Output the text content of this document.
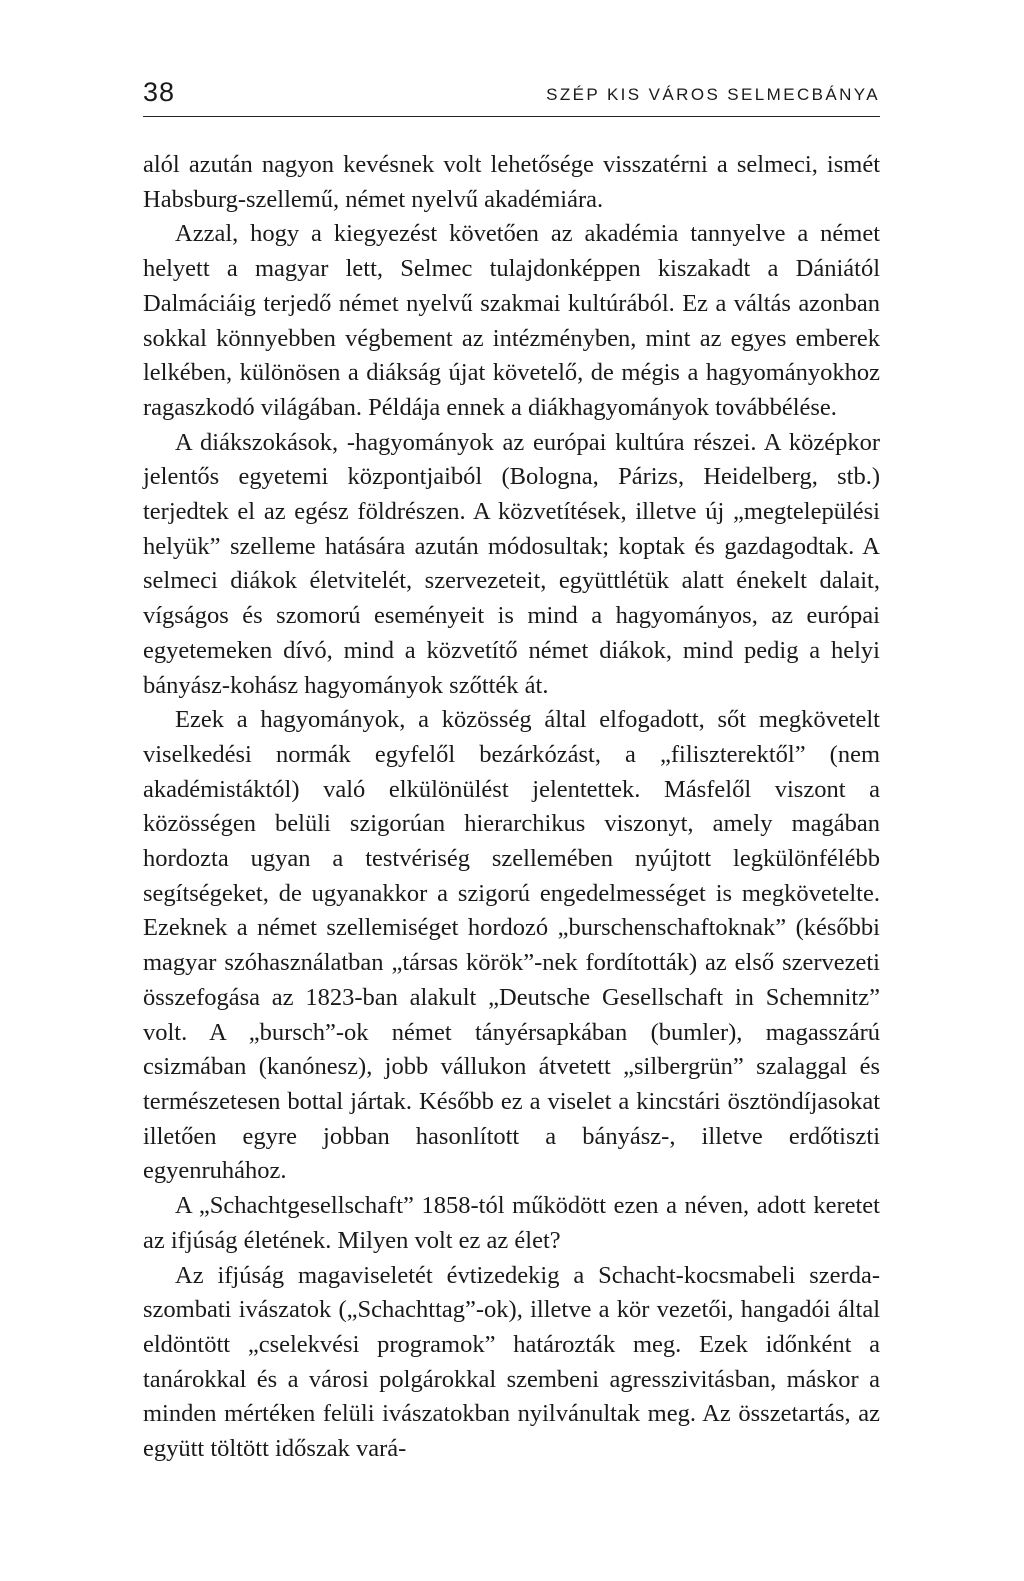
38	SZÉP KIS VÁROS SELMECBÁNYA

alól azután nagyon kevésnek volt lehetősége visszatérni a selmeci, ismét Habsburg-szellemű, német nyelvű akadémiára.

Azzal, hogy a kiegyezést követően az akadémia tannyelve a német helyett a magyar lett, Selmec tulajdonképpen kiszakadt a Dániától Dalmáciáig terjedő német nyelvű szakmai kultúrából. Ez a váltás azonban sokkal könnyebben végbement az intézményben, mint az egyes emberek lelkében, különösen a diákság újat követelő, de mégis a hagyományokhoz ragaszkodó világában. Példája ennek a diákhagyományok továbbélése.

A diákszokások, -hagyományok az európai kultúra részei. A középkor jelentős egyetemi központjaiból (Bologna, Párizs, Heidelberg, stb.) terjedtek el az egész földrészen. A közvetítések, illetve új „megtelepülési helyük” szelleme hatására azután módosultak; koptak és gazdagodtak. A selmeci diákok életvitelét, szervezeteit, együttlétük alatt énekelt dalait, vígságos és szomorú eseményeit is mind a hagyományos, az európai egyetemeken dívó, mind a közvetítő német diákok, mind pedig a helyi bányász-kohász hagyományok szőtték át.

Ezek a hagyományok, a közösség által elfogadott, sőt megkövetelt viselkedési normák egyfelől bezárkózást, a „filiszterektől” (nem akadémistáktól) való elkülönülést jelentettek. Másfelől viszont a közösségen belüli szigorúan hierarchikus viszonyt, amely magában hordozta ugyan a testvériség szellemében nyújtott legkülönfélébb segítségeket, de ugyanakkor a szigorú engedelmességet is megkövetelte. Ezeknek a német szellemiséget hordozó „burschenschaftoknak” (későbbi magyar szóhasználatban „társas körök”-nek fordították) az első szervezeti összefogása az 1823-ban alakult „Deutsche Gesellschaft in Schemnitz” volt. A „bursch”-ok német tányérsapkában (bumler), magasszárú csizmában (kanónesz), jobb vállukon átvetett „silbergrün” szalaggal és természetesen bottal jártak. Később ez a viselet a kincstári ösztöndíjasokat illetően egyre jobban hasonlított a bányász-, illetve erdőtiszti egyenruhához.

A „Schachtgesellschaft” 1858-tól működött ezen a néven, adott keretet az ifjúság életének. Milyen volt ez az élet?

Az ifjúság magaviseletét évtizedekig a Schacht-kocsmabeli szerda-szombati ivászatok („Schachttag”-ok), illetve a kör vezetői, hangadói által eldöntött „cselekvési programok” határozták meg. Ezek időnként a tanárokkal és a városi polgárokkal szembeni agresszivitásban, máskor a minden mértéken felüli ivászatokban nyilvánultak meg. Az összetartás, az együtt töltött időszak vará-
